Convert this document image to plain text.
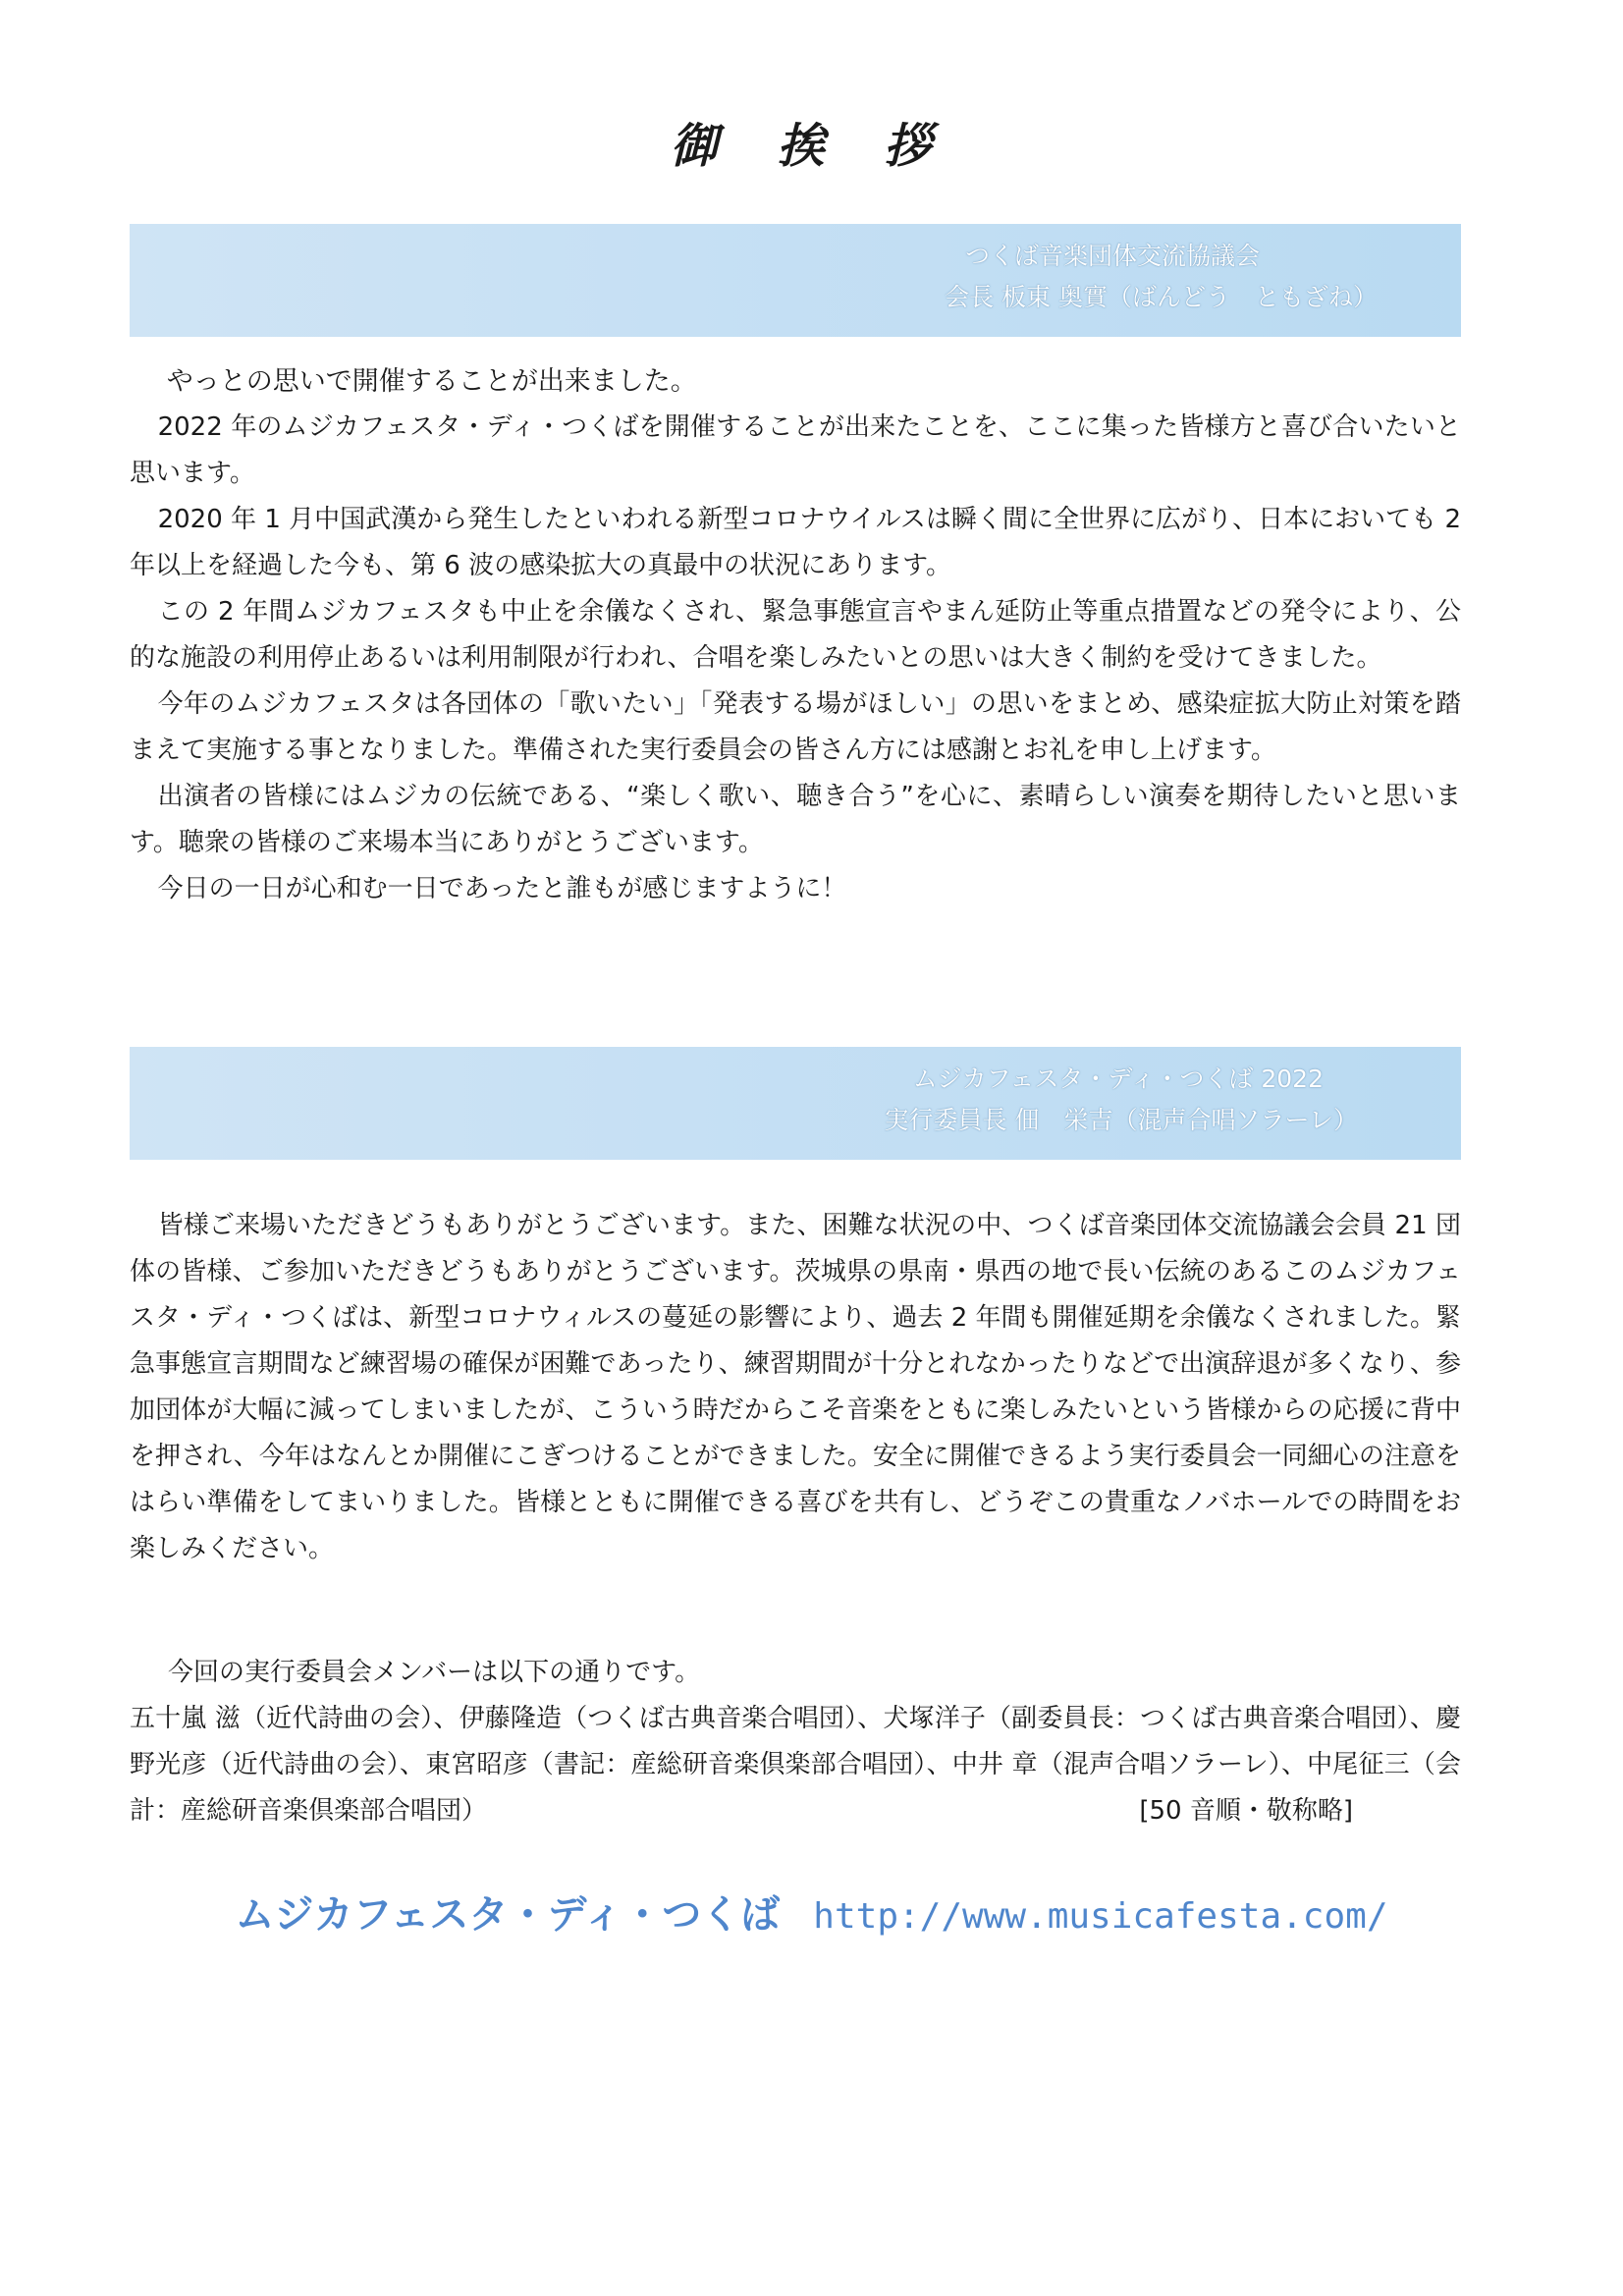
御 挨 拶
つくば音楽団体交流協議会
会長 板東 奥實（ばんどう　ともざね）

やっとの思いで開催することが出来ました。

2022 年のムジカフェスタ・ディ・つくばを開催することが出来たことを、ここに集った皆様方と喜び合いたいと思います。

2020 年 1 月中国武漢から発生したといわれる新型コロナウイルスは瞬く間に全世界に広がり、日本においても 2 年以上を経過した今も、第 6 波の感染拡大の真最中の状況にあります。

この 2 年間ムジカフェスタも中止を余儀なくされ、緊急事態宣言やまん延防止等重点措置などの発令により、公的な施設の利用停止あるいは利用制限が行われ、合唱を楽しみたいとの思いは大きく制約を受けてきました。

今年のムジカフェスタは各団体の「歌いたい」「発表する場がほしい」の思いをまとめ、感染症拡大防止対策を踏まえて実施する事となりました。準備された実行委員会の皆さん方には感謝とお礼を申し上げます。

出演者の皆様にはムジカの伝統である、“楽しく歌い、聴き合う”を心に、素晴らしい演奏を期待したいと思います。聴衆の皆様のご来場本当にありがとうございます。

今日の一日が心和む一日であったと誰もが感じますように！

ムジカフェスタ・ディ・つくば 2022
実行委員長 佃　栄吉（混声合唱ソラーレ）

皆様ご来場いただきどうもありがとうございます。また、困難な状況の中、つくば音楽団体交流協議会会員 21 団体の皆様、ご参加いただきどうもありがとうございます。茨城県の県南・県西の地で長い伝統のあるこのムジカフェスタ・ディ・つくばは、新型コロナウィルスの蔓延の影響により、過去 2 年間も開催延期を余儀なくされました。緊急事態宣言期間など練習場の確保が困難であったり、練習期間が十分とれなかったりなどで出演辞退が多くなり、参加団体が大幅に減ってしまいましたが、こういう時だからこそ音楽をともに楽しみたいという皆様からの応援に背中を押され、今年はなんとか開催にこぎつけることができました。安全に開催できるよう実行委員会一同細心の注意をはらい準備をしてまいりました。皆様とともに開催できる喜びを共有し、どうぞこの貴重なノバホールでの時間をお楽しみください。

今回の実行委員会メンバーは以下の通りです。

五十嵐 滋（近代詩曲の会）、伊藤隆造（つくば古典音楽合唱団）、犬塚洋子（副委員長：つくば古典音楽合唱団）、慶野光彦（近代詩曲の会）、東宮昭彦（書記：産総研音楽倶楽部合唱団）、中井 章（混声合唱ソラーレ）、中尾征三（会計：産総研音楽倶楽部合唱団）	[50 音順・敬称略]

ムジカフェスタ・ディ・つくば http://www.musicafesta.com/
